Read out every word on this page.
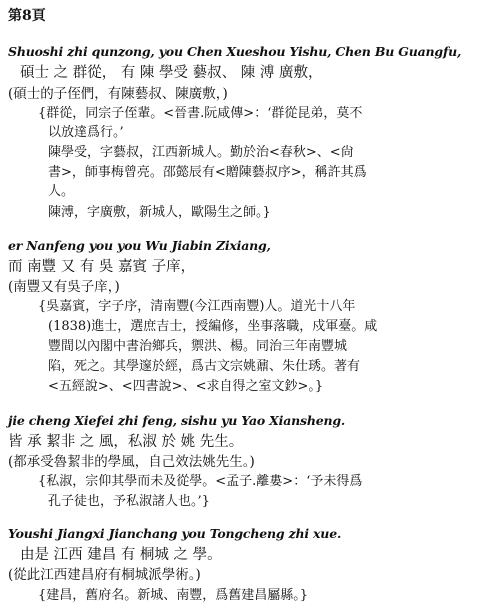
第8頁
Shuoshi zhi qunzong, you Chen Xueshou Yishu, Chen Bu Guangfu,
碩士 之 群從， 有 陳 學受 藝叔、 陳 溥 廣敷，
(碩士的子侄們，有陳藝叔、陳廣敷，)
{群從，同宗子侄輩。<晉書.阮咸傳>：‘群從昆弟，莫不
以放達爲行。’
陳學受，字藝叔，江西新城人。勤於治<春秋>、<尙
書>，師事梅曾亮。邵懿辰有<贈陳藝叔序>，稱許其爲
人。
陳溥，字廣敷，新城人，歐陽生之師。}
er Nanfeng you you Wu Jiabin Zixiang,
而 南豐 又 有 吳 嘉賓 子庠，
(南豐又有吳子庠，)
{吳嘉賓，字子序，清南豐(今江西南豐)人。道光十八年
(1838)進士，選庶吉士，授編修，坐事落職，戍軍臺。咸
豐間以內閣中書治鄉兵，禦洪、楊。同治三年南豐城
陷，死之。其學邃於經，爲古文宗姚鼐、朱仕琇。著有
<五經說>、<四書說>、<求自得之室文鈔>。}
jie cheng Xiefei zhi feng, sishu yu Yao Xiansheng.
皆 承 絜非 之 風，私淑 於 姚 先生。
(都承受魯絜非的學風，自己效法姚先生。)
{私淑，宗仰其學而未及從學。<孟子.離婁>：‘予未得爲
孔子徒也，予私淑諸人也。’}
Youshi Jiangxi Jianchang you Tongcheng zhi xue.
由是 江西 建昌 有 桐城 之 學。
(從此江西建昌府有桐城派學術。)
{建昌，舊府名。新城、南豐，爲舊建昌屬縣。}
